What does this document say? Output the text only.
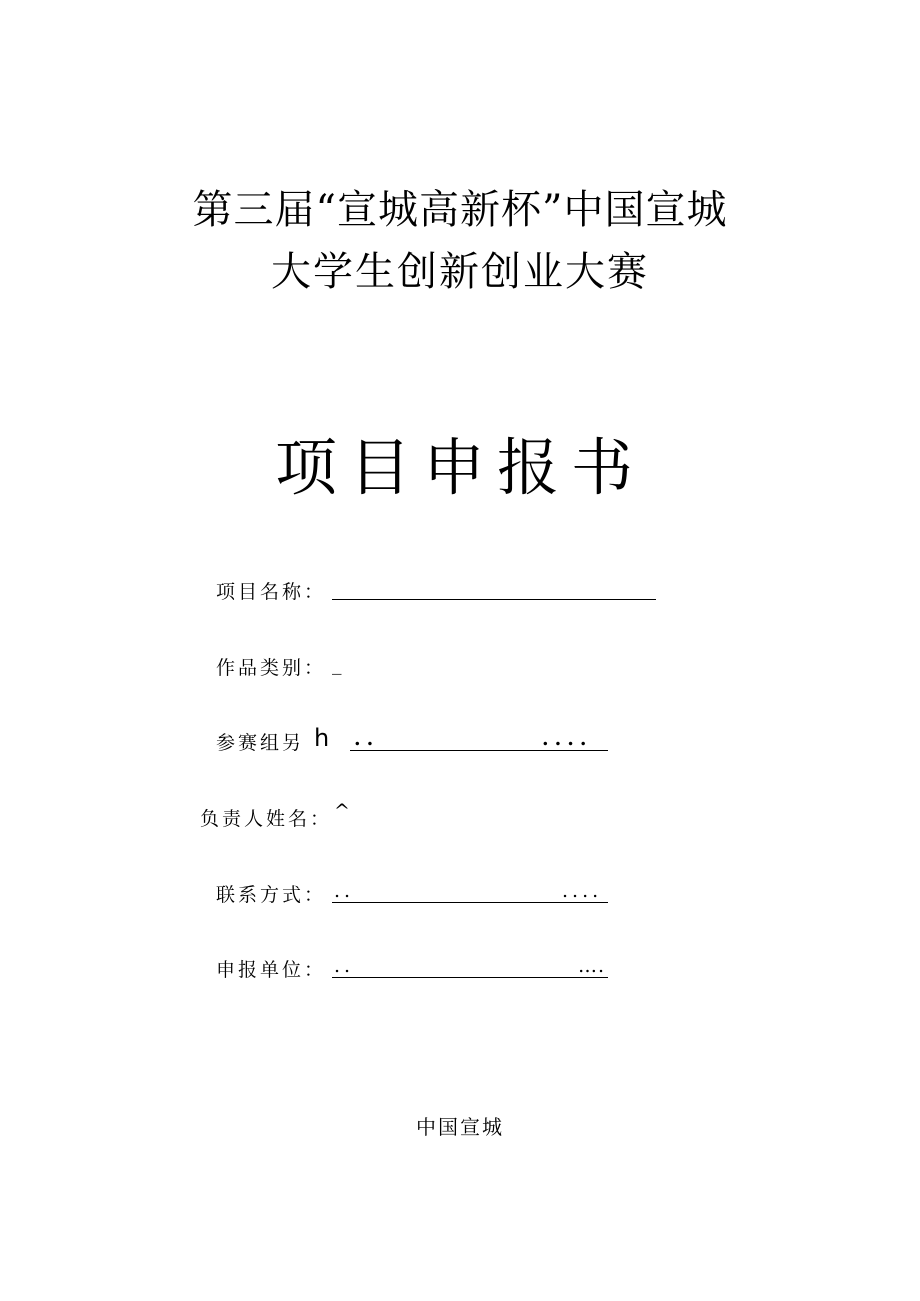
第三届“宣城高新杯”中国宣城
大学生创新创业大赛
项目申报书
项目名称：
作品类别： _
参赛组另 h ..	....
负责人姓名： ^
联系方式： ..	....
申报单位： ..	….
中国宣城
